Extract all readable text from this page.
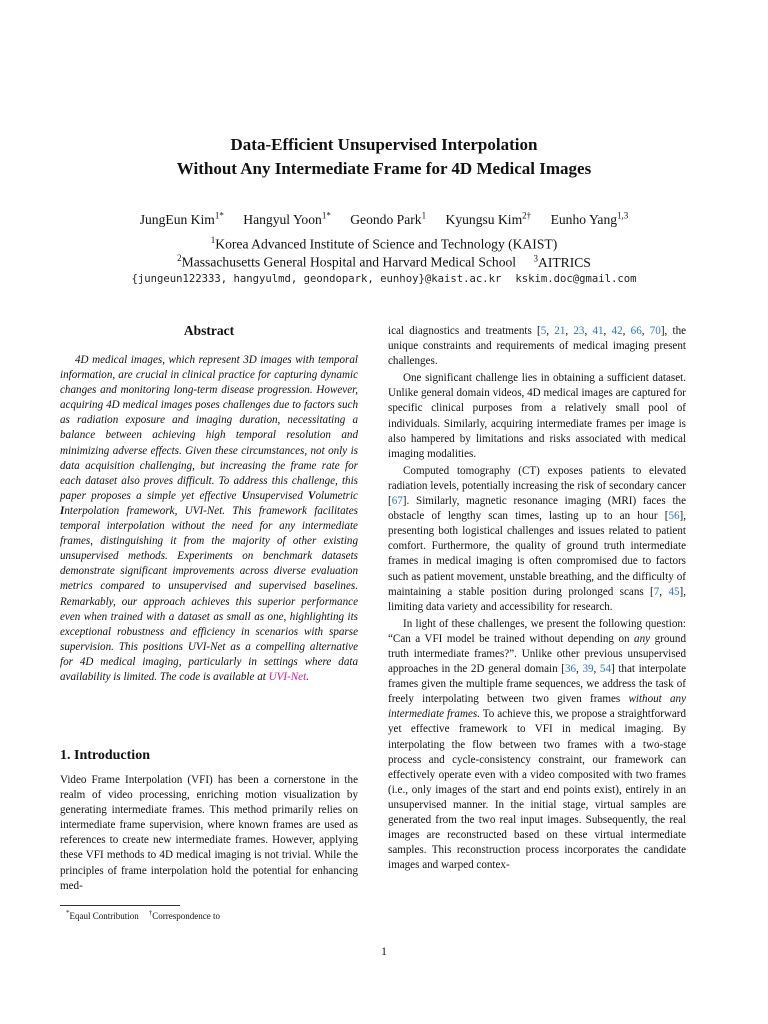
Data-Efficient Unsupervised Interpolation
Without Any Intermediate Frame for 4D Medical Images
JungEun Kim$^{1*}$ Hangyul Yoon$^{1*}$ Geondo Park$^1$ Kyungsu Kim$^{2\dagger}$ Eunho Yang$^{1,3}$
$^1$Korea Advanced Institute of Science and Technology (KAIST)
$^2$Massachusetts General Hospital and Harvard Medical School $^3$AITRICS
{jungeun122333, hangyulmd, geondopark, eunhoy}@kaist.ac.kr kskim.doc@gmail.com
Abstract

4D medical images, which represent 3D images with temporal information, are crucial in clinical practice for capturing dynamic changes and monitoring long-term disease progression. However, acquiring 4D medical images poses challenges due to factors such as radiation exposure and imaging duration, necessitating a balance between achieving high temporal resolution and minimizing adverse effects. Given these circumstances, not only is data acquisition challenging, but increasing the frame rate for each dataset also proves difficult. To address this challenge, this paper proposes a simple yet effective Unsupervised Volumetric Interpolation framework, UVI-Net. This framework facilitates temporal interpolation without the need for any intermediate frames, distinguishing it from the majority of other existing unsupervised methods. Experiments on benchmark datasets demonstrate significant improvements across diverse evaluation metrics compared to unsupervised and supervised baselines. Remarkably, our approach achieves this superior performance even when trained with a dataset as small as one, highlighting its exceptional robustness and efficiency in scenarios with sparse supervision. This positions UVI-Net as a compelling alternative for 4D medical imaging, particularly in settings where data availability is limited. The code is available at UVI-Net.

1. Introduction

Video Frame Interpolation (VFI) has been a cornerstone in the realm of video processing, enriching motion visualization by generating intermediate frames. This method primarily relies on intermediate frame supervision, where known frames are used as references to create new intermediate frames. However, applying these VFI methods to 4D medical imaging is not trivial. While the principles of frame interpolation hold the potential for enhancing med-

*Eqaul Contribution †Correspondence to

ical diagnostics and treatments [5, 21, 23, 41, 42, 66, 70], the unique constraints and requirements of medical imaging present challenges.

One significant challenge lies in obtaining a sufficient dataset. Unlike general domain videos, 4D medical images are captured for specific clinical purposes from a relatively small pool of individuals. Similarly, acquiring intermediate frames per image is also hampered by limitations and risks associated with medical imaging modalities.

Computed tomography (CT) exposes patients to elevated radiation levels, potentially increasing the risk of secondary cancer [67]. Similarly, magnetic resonance imaging (MRI) faces the obstacle of lengthy scan times, lasting up to an hour [56], presenting both logistical challenges and issues related to patient comfort. Furthermore, the quality of ground truth intermediate frames in medical imaging is often compromised due to factors such as patient movement, unstable breathing, and the difficulty of maintaining a stable position during prolonged scans [7, 45], limiting data variety and accessibility for research.

In light of these challenges, we present the following question: “Can a VFI model be trained without depending on any ground truth intermediate frames?”. Unlike other previous unsupervised approaches in the 2D general domain [36, 39, 54] that interpolate frames given the multiple frame sequences, we address the task of freely interpolating between two given frames without any intermediate frames. To achieve this, we propose a straightforward yet effective framework to VFI in medical imaging. By interpolating the flow between two frames with a two-stage process and cycle-consistency constraint, our framework can effectively operate even with a video composited with two frames (i.e., only images of the start and end points exist), entirely in an unsupervised manner. In the initial stage, virtual samples are generated from the two real input images. Subsequently, the real images are reconstructed based on these virtual intermediate samples. This reconstruction process incorporates the candidate images and warped contex-

1
